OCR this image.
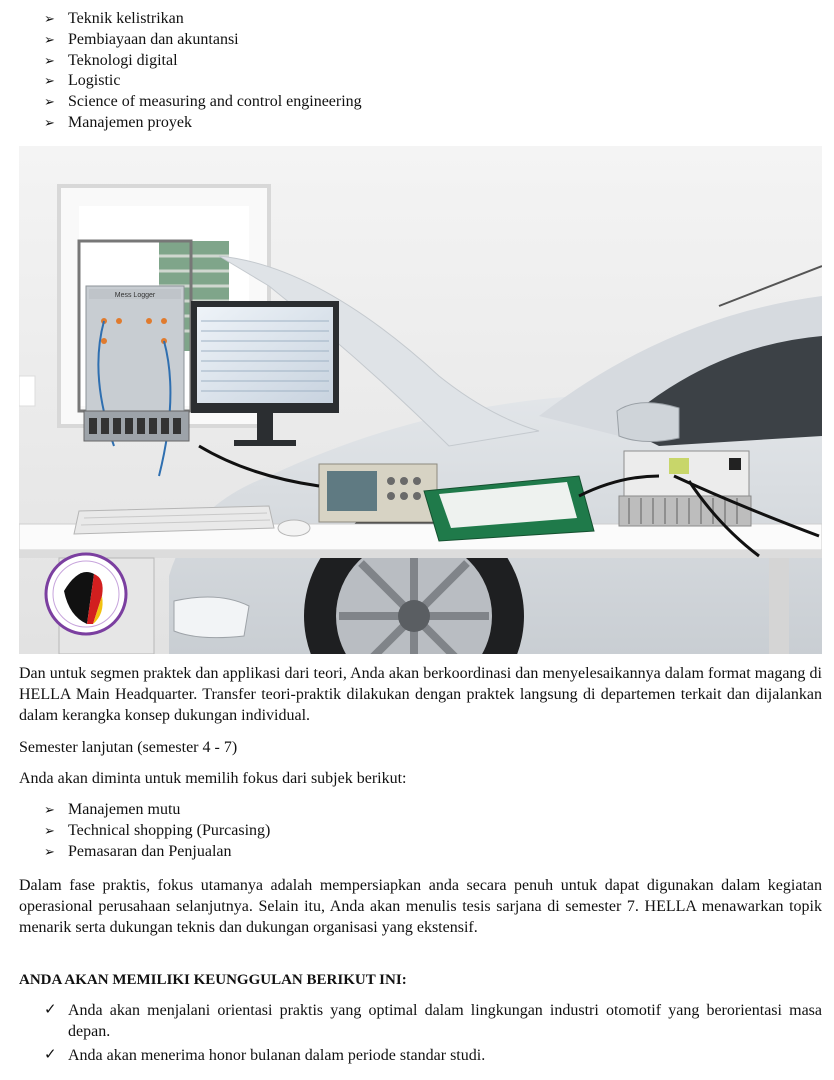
➢ Teknik kelistrikan
➢ Pembiayaan dan akuntansi
➢ Teknologi digital
➢ Logistic
➢ Science of measuring and control engineering
➢ Manajemen proyek
Mess Logger

Dan untuk segmen praktek dan applikasi dari teori, Anda akan berkoordinasi dan menyelesaikannya dalam format magang di HELLA Main Headquarter. Transfer teori-praktik dilakukan dengan praktek langsung di departemen terkait dan dijalankan dalam kerangka konsep dukungan individual.

Semester lanjutan (semester 4 - 7)

Anda akan diminta untuk memilih fokus dari subjek berikut:

➢ Manajemen mutu
➢ Technical shopping (Purcasing)
➢ Pemasaran dan Penjualan

Dalam fase praktis, fokus utamanya adalah mempersiapkan anda secara penuh untuk dapat digunakan dalam kegiatan operasional perusahaan selanjutnya. Selain itu, Anda akan menulis tesis sarjana di semester 7. HELLA menawarkan topik menarik serta dukungan teknis dan dukungan organisasi yang ekstensif.

ANDA AKAN MEMILIKI KEUNGGULAN BERIKUT INI:

✓ Anda akan menjalani orientasi praktis yang optimal dalam lingkungan industri otomotif yang berorientasi masa depan.
✓ Anda akan menerima honor bulanan dalam periode standar studi.
